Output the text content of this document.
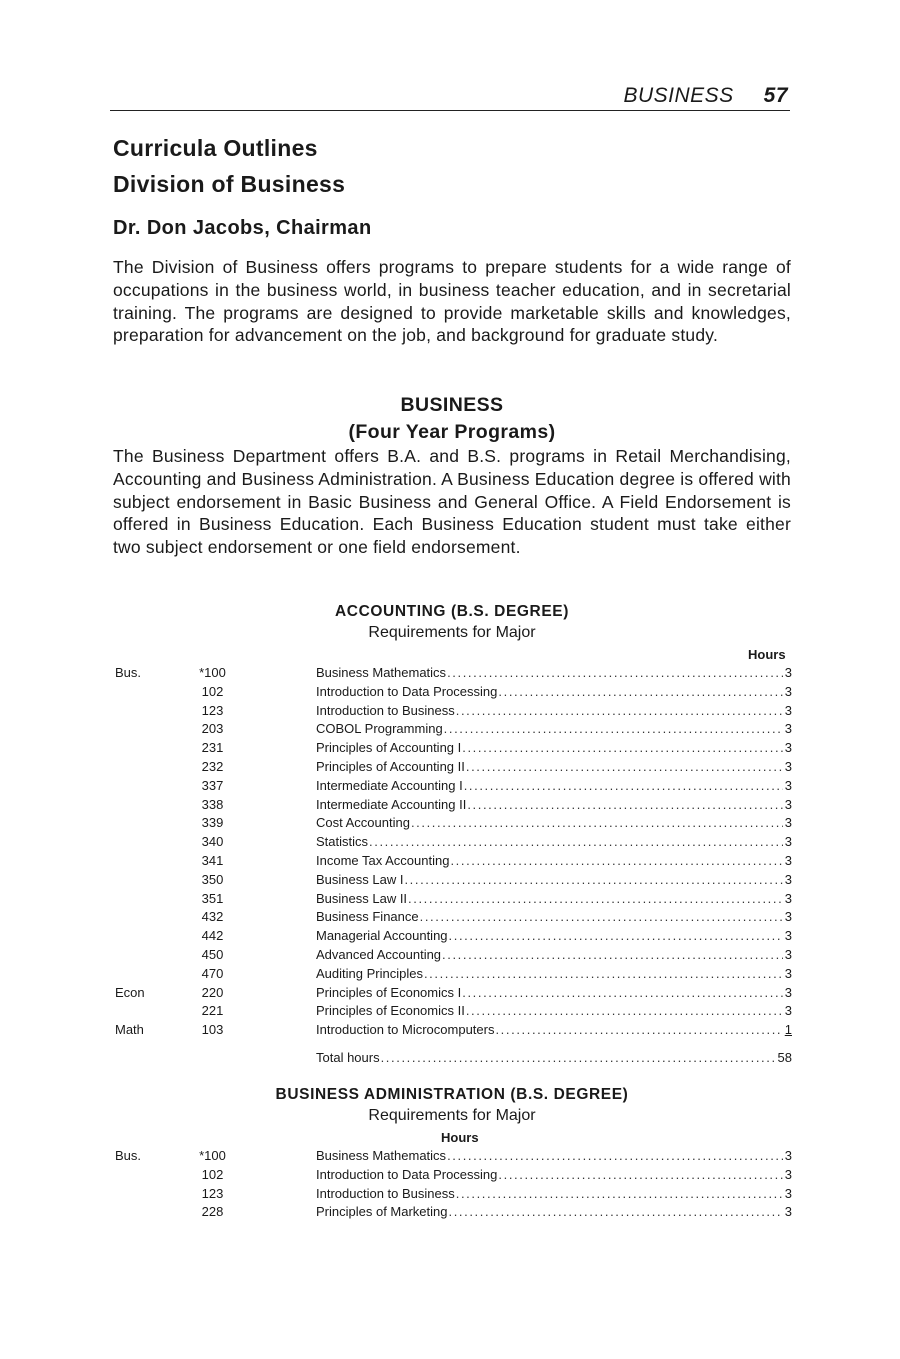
BUSINESS 57
Curricula Outlines
Division of Business
Dr. Don Jacobs, Chairman
The Division of Business offers programs to prepare students for a wide range of occupations in the business world, in business teacher education, and in secretarial training. The programs are designed to provide marketable skills and knowledges, preparation for advancement on the job, and background for graduate study.
BUSINESS
(Four Year Programs)
The Business Department offers B.A. and B.S. programs in Retail Merchandising, Accounting and Business Administration. A Business Education degree is offered with subject endorsement in Basic Business and General Office. A Field Endorsement is offered in Business Education. Each Business Education student must take either two subject endorsement or one field endorsement.
ACCOUNTING (B.S. DEGREE)
Requirements for Major
Hours
Bus.	*100	Business Mathematics .....	3
102	Introduction to Data Processing .....	3
123	Introduction to Business .....	3
203	COBOL Programming .....	3
231	Principles of Accounting I .....	3
232	Principles of Accounting II .....	3
337	Intermediate Accounting I .....	3
338	Intermediate Accounting II .....	3
339	Cost Accounting .....	3
340	Statistics .....	3
341	Income Tax Accounting .....	3
350	Business Law I .....	3
351	Business Law II .....	3
432	Business Finance .....	3
442	Managerial Accounting .....	3
450	Advanced Accounting .....	3
470	Auditing Principles .....	3
Econ	220	Principles of Economics I .....	3
221	Principles of Economics II .....	3
Math	103	Introduction to Microcomputers .....	1
Total hours .....	58
BUSINESS ADMINISTRATION (B.S. DEGREE)
Requirements for Major
Hours
Bus.	*100	Business Mathematics .....	3
102	Introduction to Data Processing .....	3
123	Introduction to Business .....	3
228	Principles of Marketing .....	3
